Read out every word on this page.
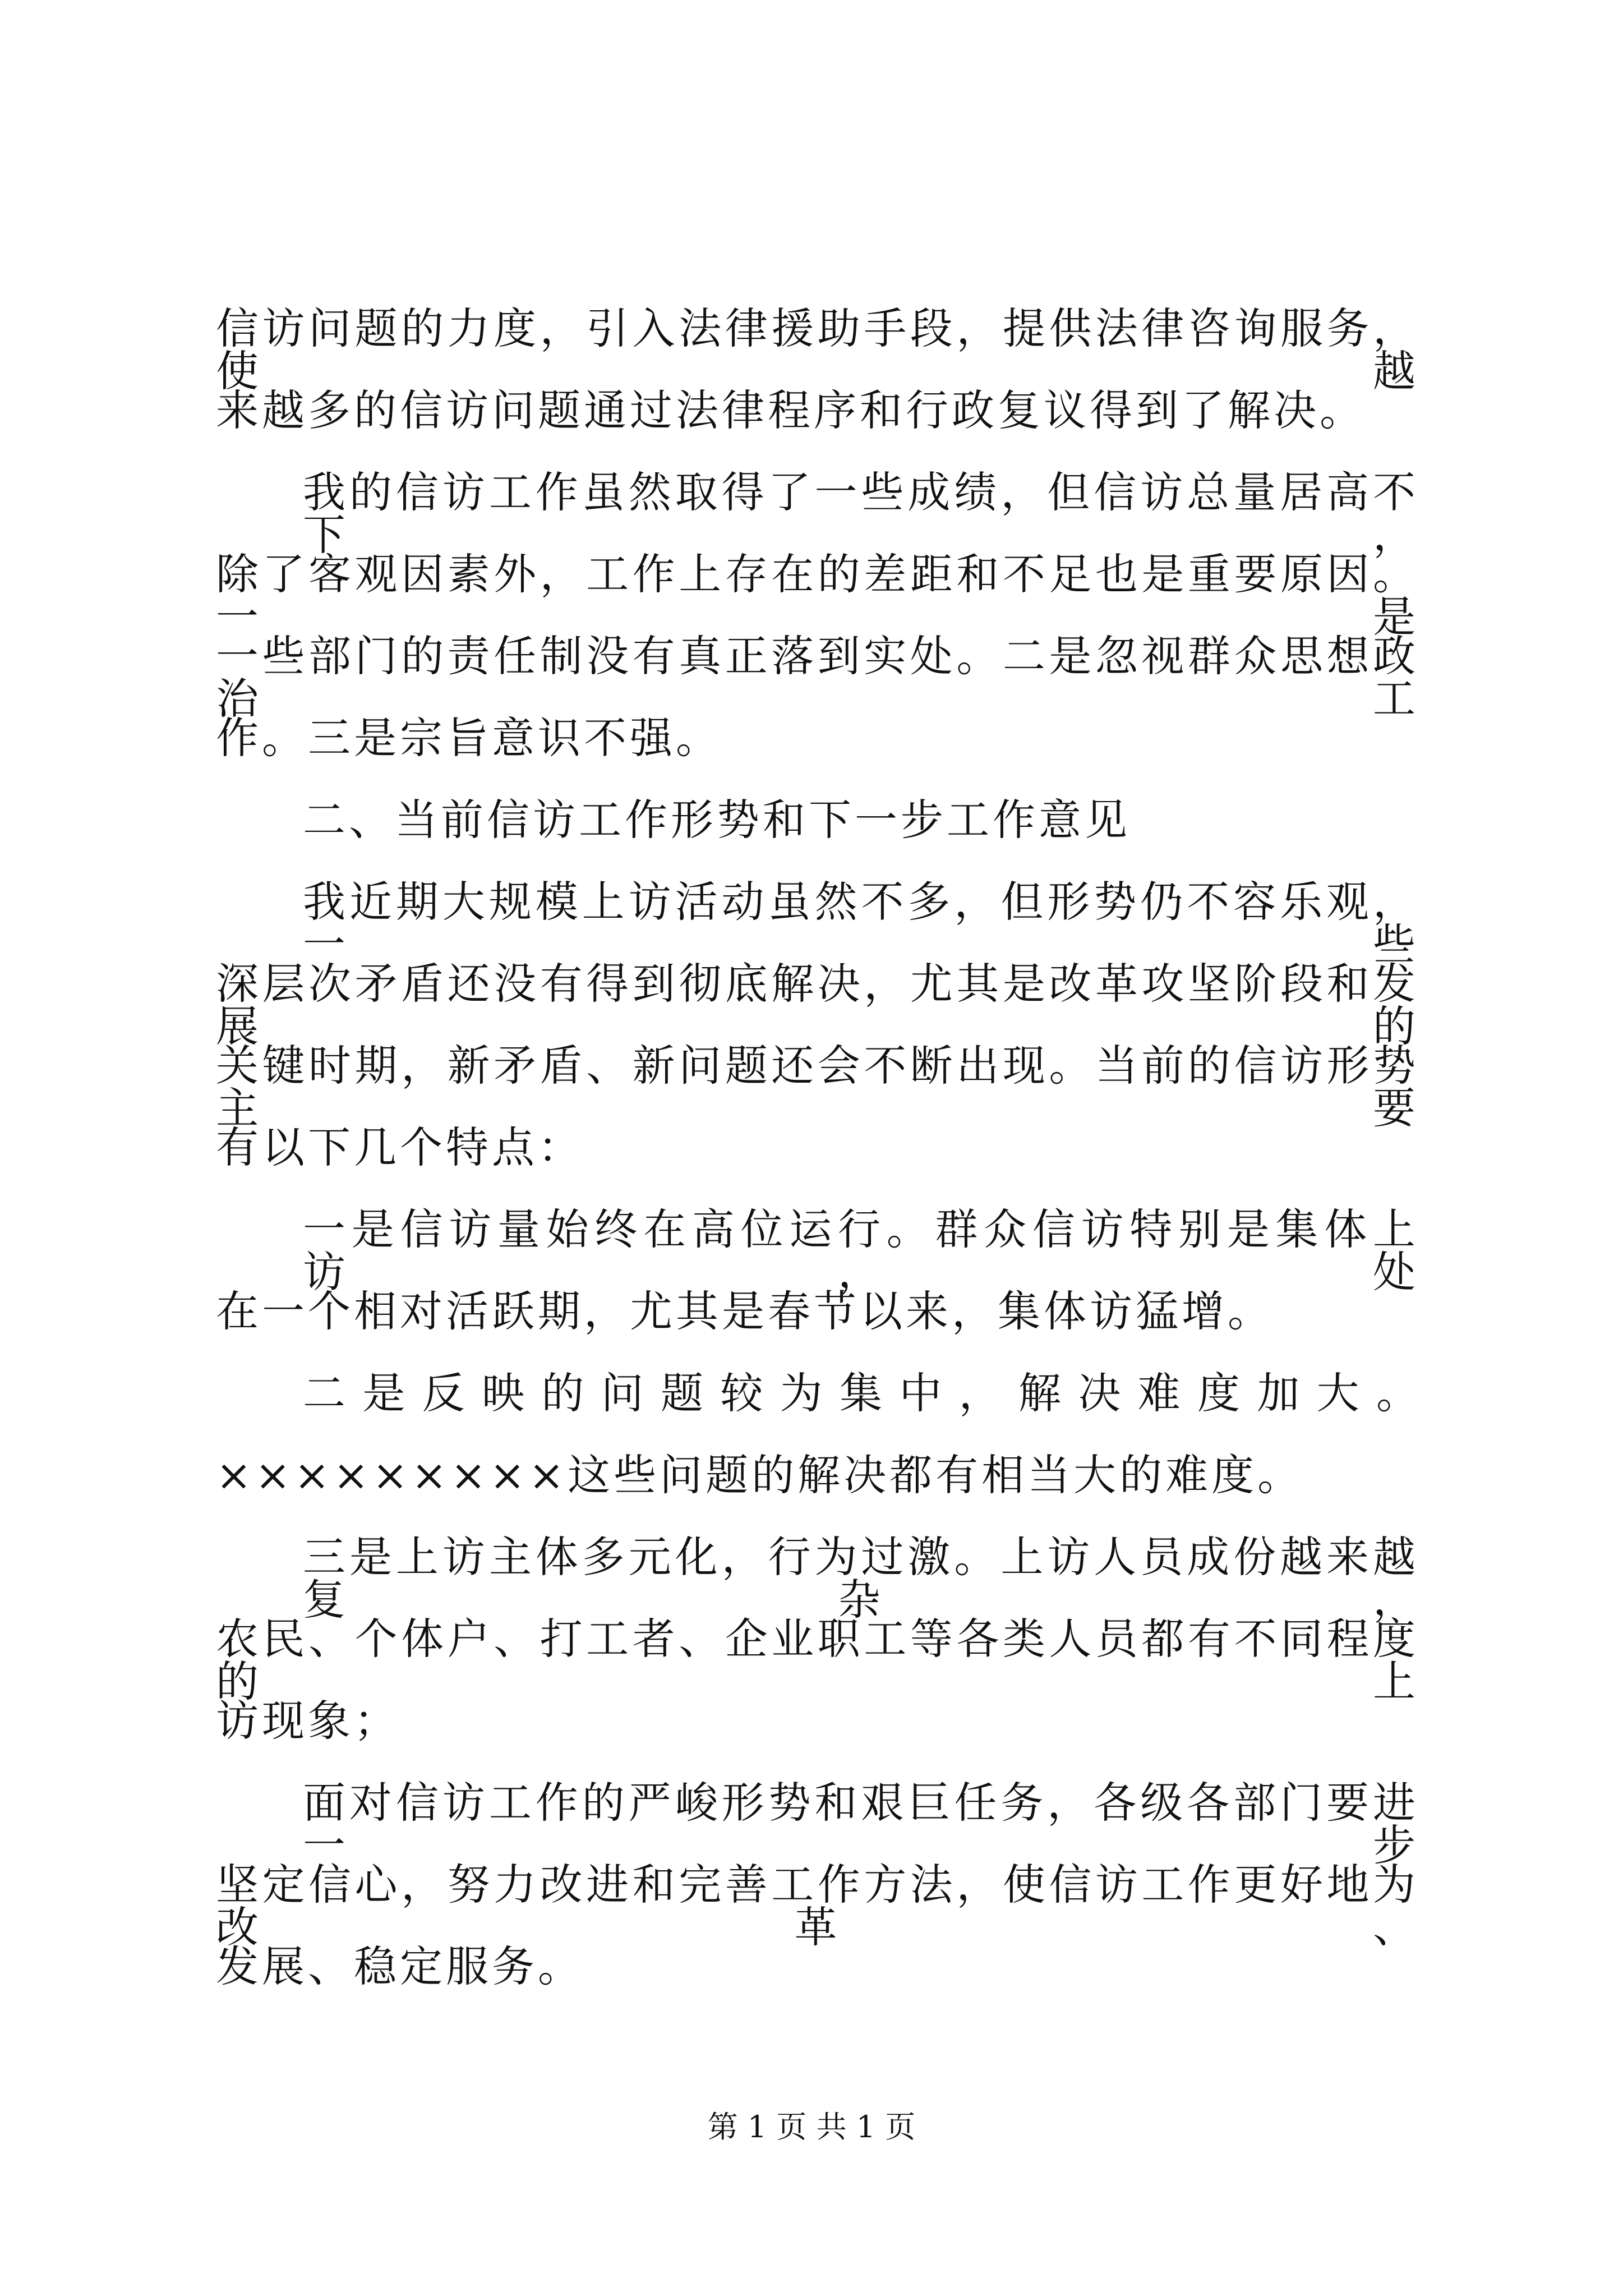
信访问题的力度，引入法律援助手段，提供法律咨询服务，使越
来越多的信访问题通过法律程序和行政复议得到了解决。
我的信访工作虽然取得了一些成绩，但信访总量居高不下，
除了客观因素外，工作上存在的差距和不足也是重要原因。一是
一些部门的责任制没有真正落到实处。二是忽视群众思想政治工
作。三是宗旨意识不强。
二、当前信访工作形势和下一步工作意见
我近期大规模上访活动虽然不多，但形势仍不容乐观，一些
深层次矛盾还没有得到彻底解决，尤其是改革攻坚阶段和发展的
关键时期，新矛盾、新问题还会不断出现。当前的信访形势主要
有以下几个特点：
一是信访量始终在高位运行。群众信访特别是集体上访，处
在一个相对活跃期，尤其是春节以来，集体访猛增。
二是反映的问题较为集中，解决难度加大。
×××××××××这些问题的解决都有相当大的难度。
三是上访主体多元化，行为过激。上访人员成份越来越复杂，
农民、个体户、打工者、企业职工等各类人员都有不同程度的上
访现象；
面对信访工作的严峻形势和艰巨任务，各级各部门要进一步
坚定信心，努力改进和完善工作方法，使信访工作更好地为改革、
发展、稳定服务。
第 1 页 共 1 页
